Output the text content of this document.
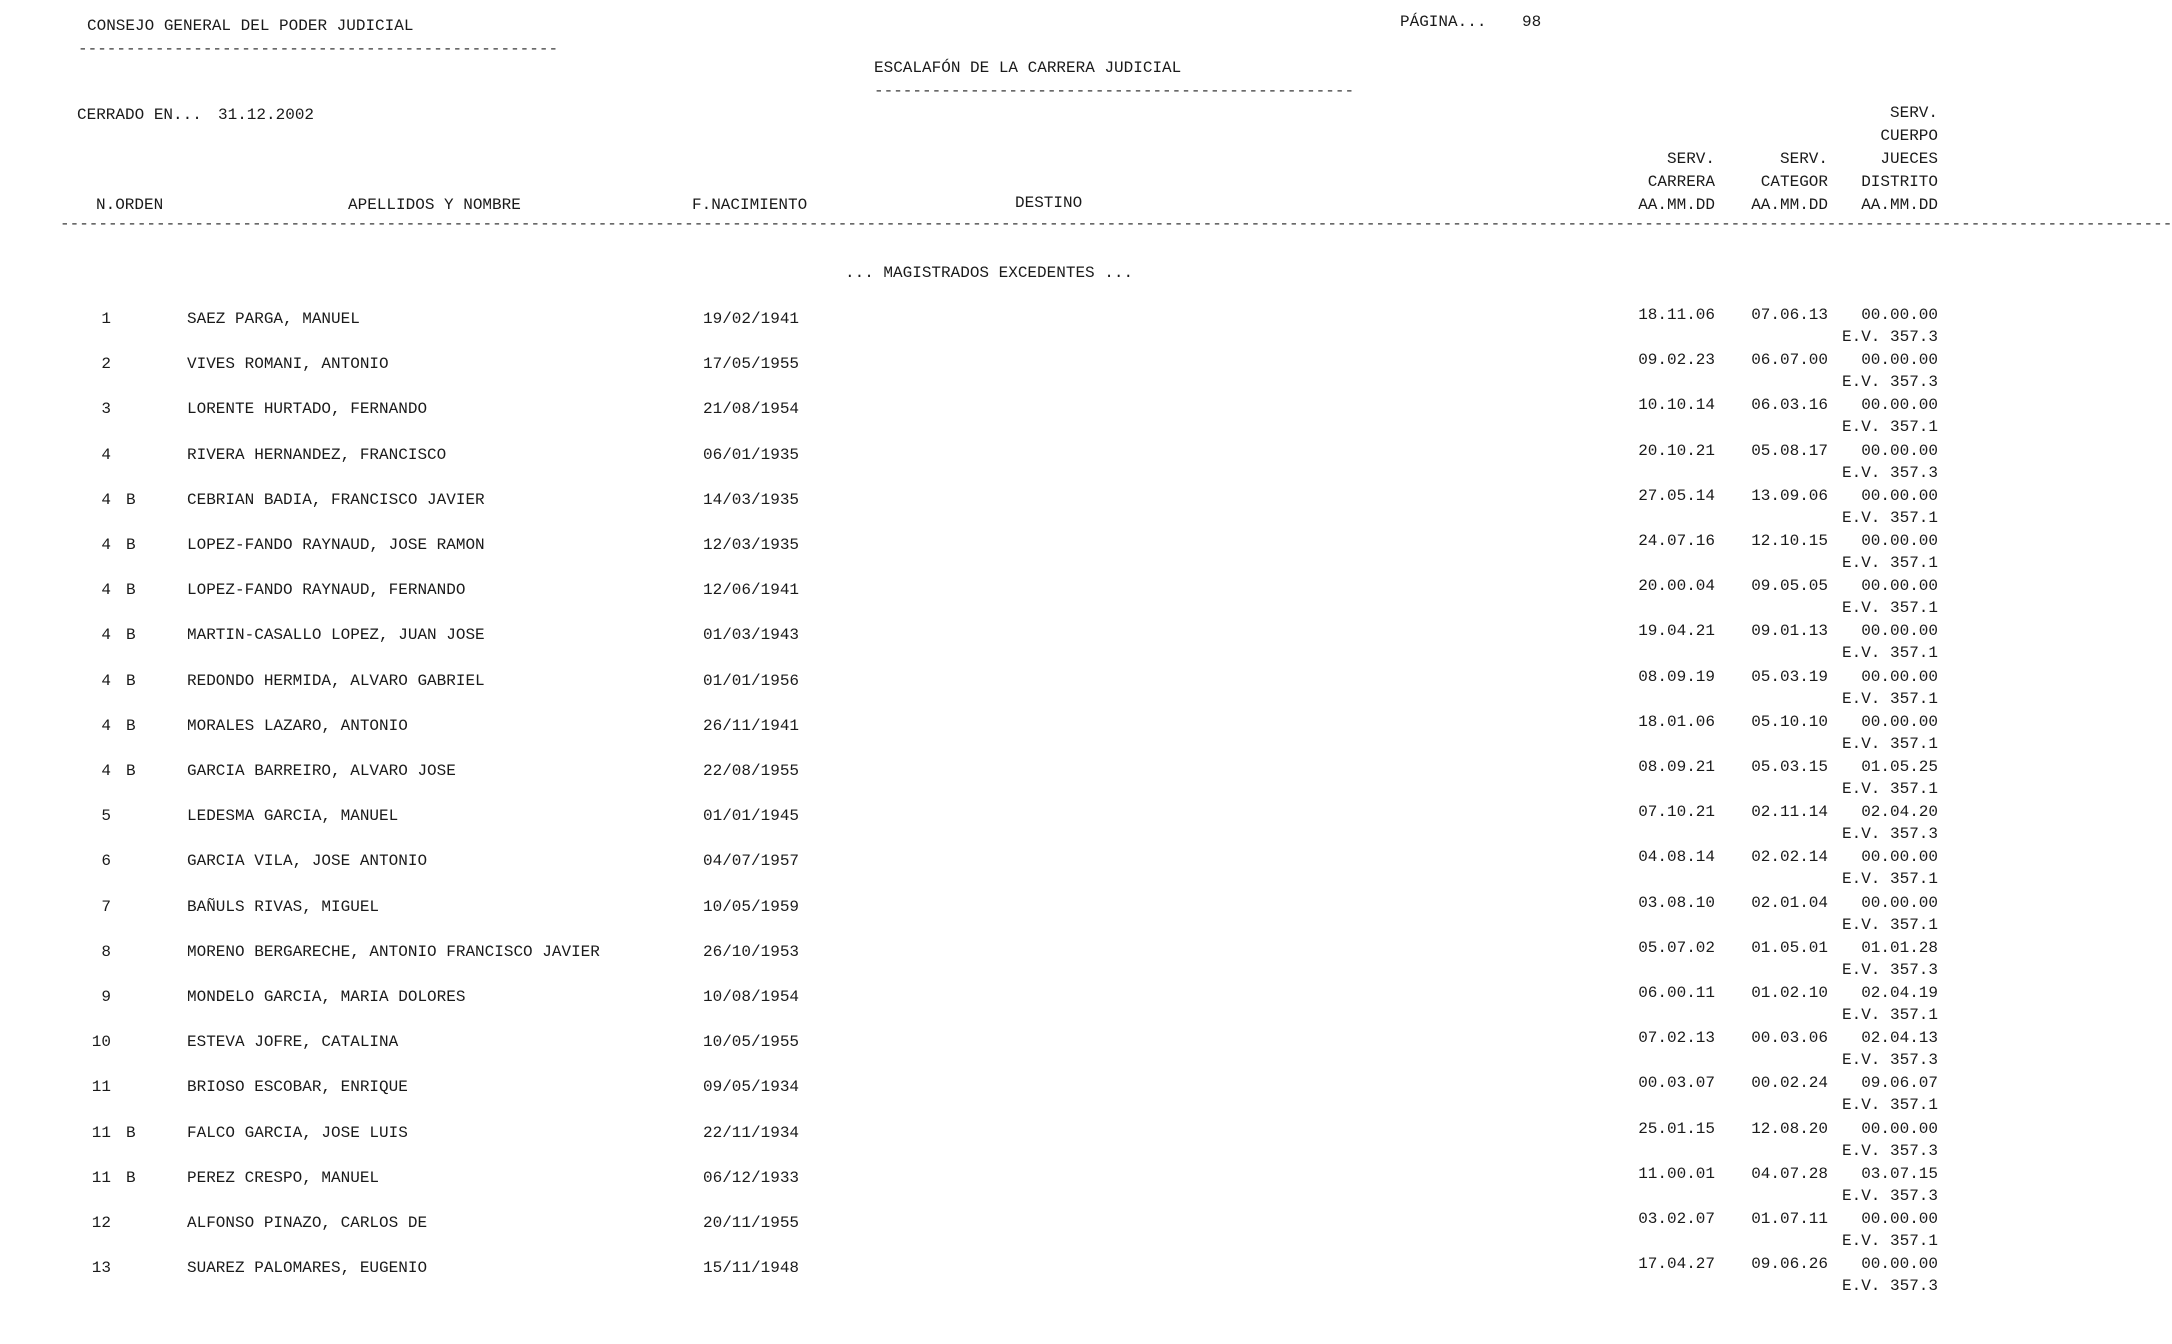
CONSEJO GENERAL DEL PODER JUDICIAL
--------------------------------------------------
PÁGINA... 98
ESCALAFÓN DE LA CARRERA JUDICIAL
--------------------------------------------------
CERRADO EN... 31.12.2002
N.ORDEN	APELLIDOS Y NOMBRE	F.NACIMIENTO	DESTINO
SERV.
CARRERA
AA.MM.DD
SERV.
CATEGOR
AA.MM.DD
SERV.
CUERPO
JUECES
DISTRITO
AA.MM.DD
----------------------------------------------------------------------------------------------------------------------------------------------------------------------------------------------------------------------------
... MAGISTRADOS EXCEDENTES ...
1	SAEZ PARGA, MANUEL	19/02/1941	18.11.06 07.06.13 00.00.00
E.V. 357.3
2	VIVES ROMANI, ANTONIO	17/05/1955	09.02.23 06.07.00 00.00.00
E.V. 357.3
3	LORENTE HURTADO, FERNANDO	21/08/1954	10.10.14 06.03.16 00.00.00
E.V. 357.1
4	RIVERA HERNANDEZ, FRANCISCO	06/01/1935	20.10.21 05.08.17 00.00.00
E.V. 357.3
4 B	CEBRIAN BADIA, FRANCISCO JAVIER	14/03/1935	27.05.14 13.09.06 00.00.00
E.V. 357.1
4 B	LOPEZ-FANDO RAYNAUD, JOSE RAMON	12/03/1935	24.07.16 12.10.15 00.00.00
E.V. 357.1
4 B	LOPEZ-FANDO RAYNAUD, FERNANDO	12/06/1941	20.00.04 09.05.05 00.00.00
E.V. 357.1
4 B	MARTIN-CASALLO LOPEZ, JUAN JOSE	01/03/1943	19.04.21 09.01.13 00.00.00
E.V. 357.1
4 B	REDONDO HERMIDA, ALVARO GABRIEL	01/01/1956	08.09.19 05.03.19 00.00.00
E.V. 357.1
4 B	MORALES LAZARO, ANTONIO	26/11/1941	18.01.06 05.10.10 00.00.00
E.V. 357.1
4 B	GARCIA BARREIRO, ALVARO JOSE	22/08/1955	08.09.21 05.03.15 01.05.25
E.V. 357.1
5	LEDESMA GARCIA, MANUEL	01/01/1945	07.10.21 02.11.14 02.04.20
E.V. 357.3
6	GARCIA VILA, JOSE ANTONIO	04/07/1957	04.08.14 02.02.14 00.00.00
E.V. 357.1
7	BAÑULS RIVAS, MIGUEL	10/05/1959	03.08.10 02.01.04 00.00.00
E.V. 357.1
8	MORENO BERGARECHE, ANTONIO FRANCISCO JAVIER	26/10/1953	05.07.02 01.05.01 01.01.28
E.V. 357.3
9	MONDELO GARCIA, MARIA DOLORES	10/08/1954	06.00.11 01.02.10 02.04.19
E.V. 357.1
10	ESTEVA JOFRE, CATALINA	10/05/1955	07.02.13 00.03.06 02.04.13
E.V. 357.3
11	BRIOSO ESCOBAR, ENRIQUE	09/05/1934	00.03.07 00.02.24 09.06.07
E.V. 357.1
11 B	FALCO GARCIA, JOSE LUIS	22/11/1934	25.01.15 12.08.20 00.00.00
E.V. 357.3
11 B	PEREZ CRESPO, MANUEL	06/12/1933	11.00.01 04.07.28 03.07.15
E.V. 357.3
12	ALFONSO PINAZO, CARLOS DE	20/11/1955	03.02.07 01.07.11 00.00.00
E.V. 357.1
13	SUAREZ PALOMARES, EUGENIO	15/11/1948	17.04.27 09.06.26 00.00.00
E.V. 357.3
